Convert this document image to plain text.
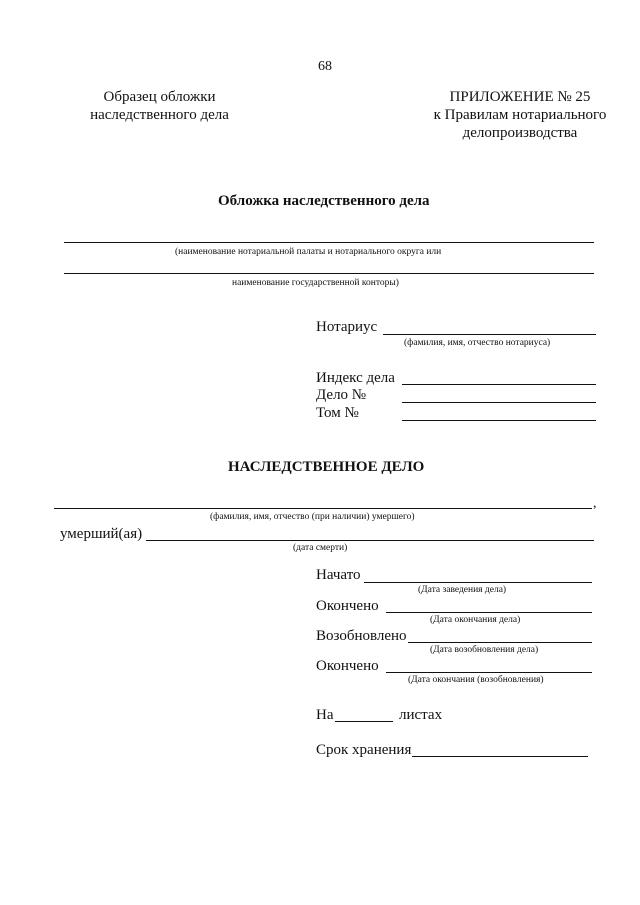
68
Образец обложки
наследственного дела
ПРИЛОЖЕНИЕ № 25
к Правилам нотариального
делопроизводства
Обложка наследственного дела
(наименование нотариальной палаты и нотариального округа или
наименование государственной конторы)
Нотариус
(фамилия, имя, отчество нотариуса)
Индекс дела
Дело №
Том №
НАСЛЕДСТВЕННОЕ ДЕЛО
,
(фамилия, имя, отчество (при наличии) умершего)
умерший(ая)
(дата смерти)
Начато
(Дата заведения дела)
Окончено
(Дата окончания дела)
Возобновлено
(Дата возобновления дела)
Окончено
(Дата окончания (возобновления)
На	листах
Срок хранения
